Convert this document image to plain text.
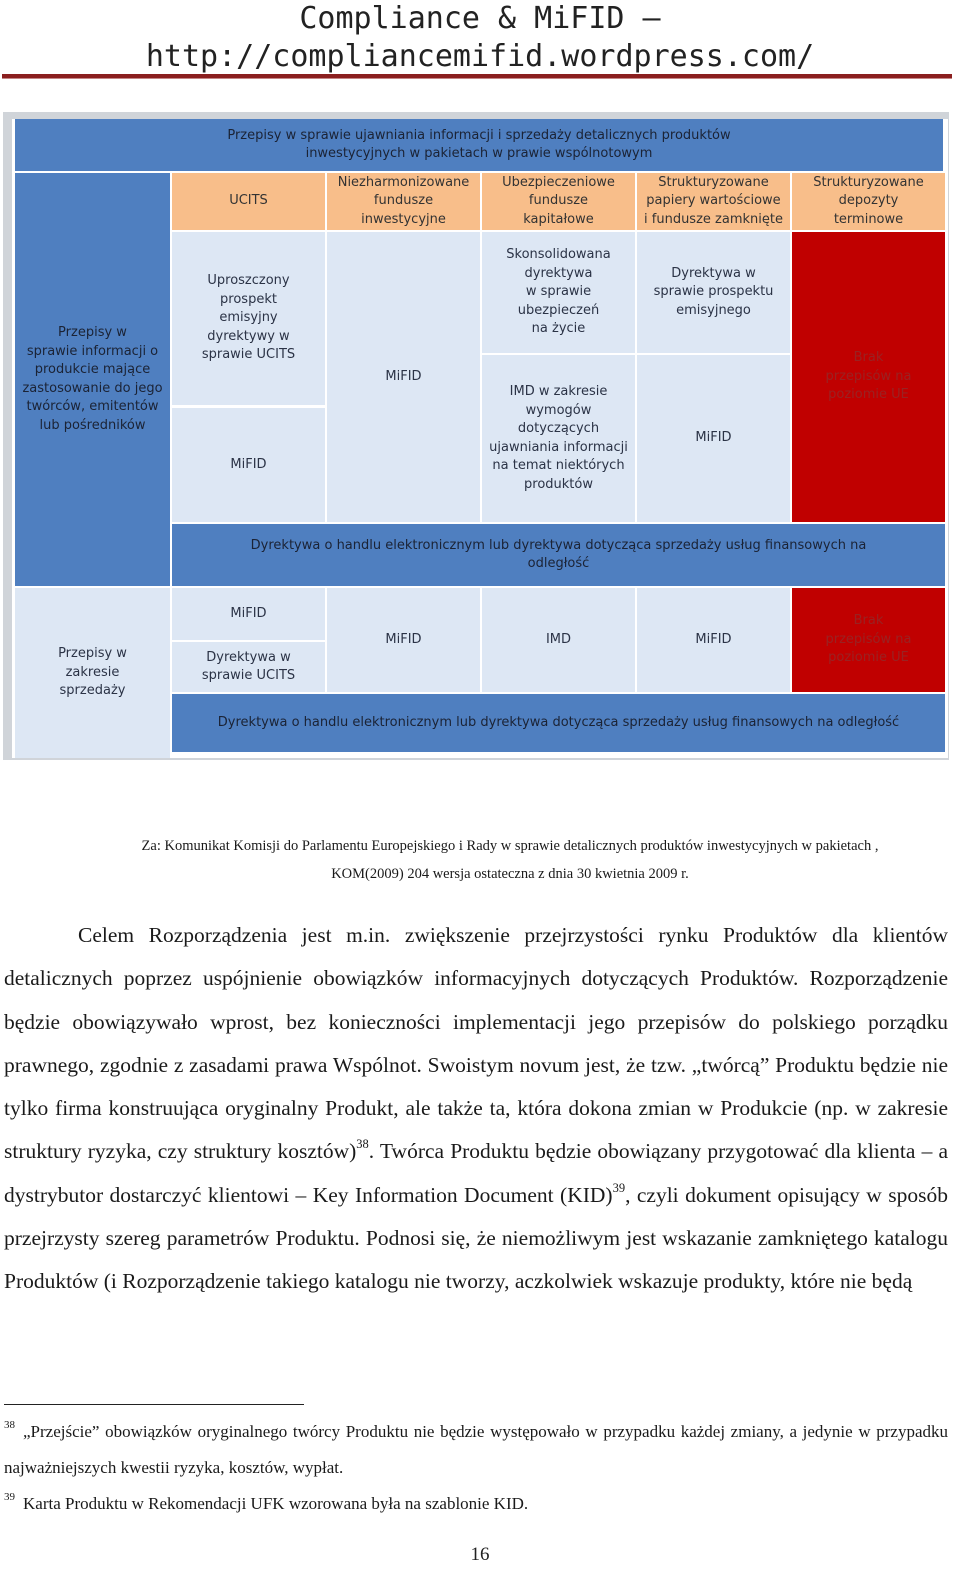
Compliance & MiFID –
http://compliancemifid.wordpress.com/
Przepisy w sprawie ujawniania informacji i sprzedaży detalicznych produktów
inwestycyjnych w pakietach w prawie wspólnotowym
Przepisy w
sprawie informacji o
produkcie mające
zastosowanie do jego
twórców, emitentów
lub pośredników
UCITS
Niezharmonizowane
fundusze
inwestycyjne
Ubezpieczeniowe
fundusze
kapitałowe
Strukturyzowane
papiery wartościowe
i fundusze zamknięte
Strukturyzowane
depozyty
terminowe
Uproszczony
prospekt
emisyjny
dyrektywy w
sprawie UCITS
MiFID
MiFID
Skonsolidowana
dyrektywa
w sprawie
ubezpieczeń
na życie
IMD w zakresie
wymogów
dotyczących
ujawniania informacji
na temat niektórych
produktów
Dyrektywa w
sprawie prospektu
emisyjnego
MiFID
Brak
przepisów na
poziomie UE
Dyrektywa o handlu elektronicznym lub dyrektywa dotycząca sprzedaży usług finansowych na
odległość
Przepisy w
zakresie
sprzedaży
MiFID
Dyrektywa w
sprawie UCITS
MiFID	IMD	MiFID
Brak
przepisów na
poziomie UE
Dyrektywa o handlu elektronicznym lub dyrektywa dotycząca sprzedaży usług finansowych na odległość
Za: Komunikat Komisji do Parlamentu Europejskiego i Rady w sprawie detalicznych produktów inwestycyjnych w pakietach ,
KOM(2009) 204 wersja ostateczna z dnia 30 kwietnia 2009 r.
Celem Rozporządzenia jest m.in. zwiększenie przejrzystości rynku Produktów dla klientów detalicznych poprzez uspójnienie obowiązków informacyjnych dotyczących Produktów. Rozporządzenie będzie obowiązywało wprost, bez konieczności implementacji jego przepisów do polskiego porządku prawnego, zgodnie z zasadami prawa Wspólnot. Swoistym novum jest, że tzw. „twórcą” Produktu będzie nie tylko firma konstruująca oryginalny Produkt, ale także ta, która dokona zmian w Produkcie (np. w zakresie struktury ryzyka, czy struktury kosztów)$^{38}$. Twórca Produktu będzie obowiązany przygotować dla klienta – a dystrybutor dostarczyć klientowi – Key Information Document (KID)$^{39}$, czyli dokument opisujący w sposób przejrzysty szereg parametrów Produktu. Podnosi się, że niemożliwym jest wskazanie zamkniętego katalogu Produktów (i Rozporządzenie takiego katalogu nie tworzy, aczkolwiek wskazuje produkty, które nie będą
$^{38}$ „Przejście” obowiązków oryginalnego twórcy Produktu nie będzie występowało w przypadku każdej zmiany, a jedynie w przypadku najważniejszych kwestii ryzyka, kosztów, wypłat.
$^{39}$ Karta Produktu w Rekomendacji UFK wzorowana była na szablonie KID.
16
